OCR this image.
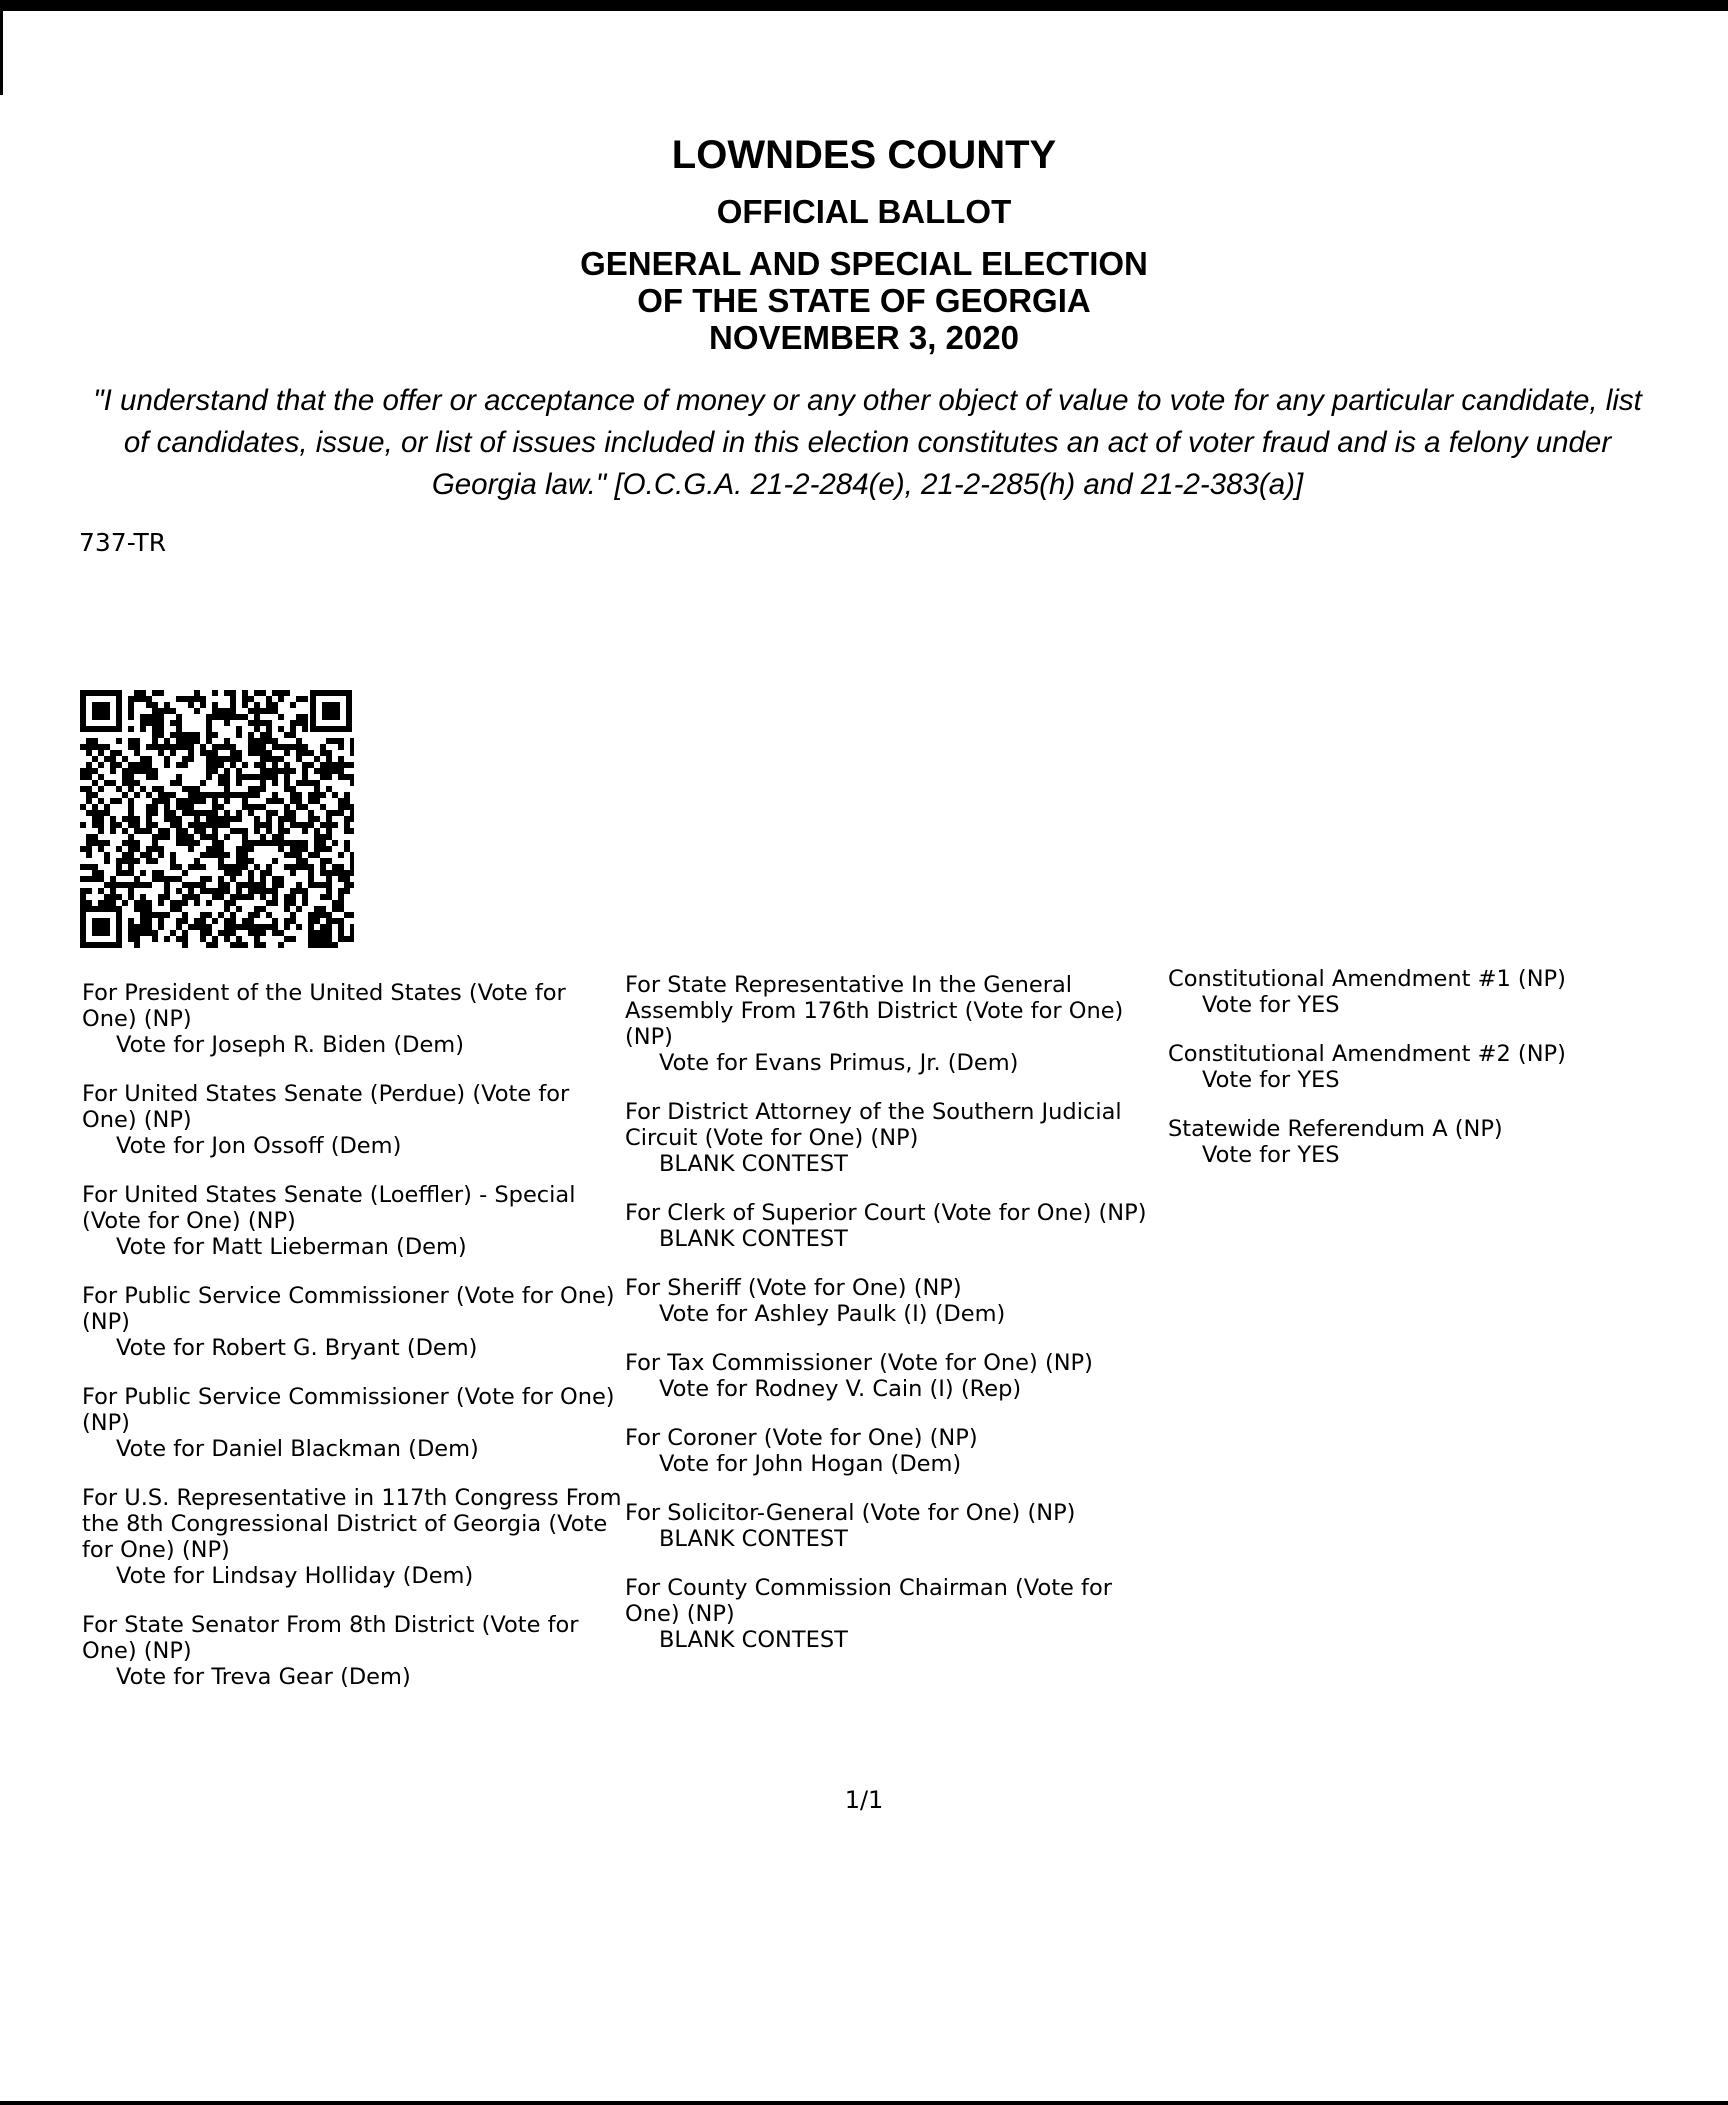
LOWNDES COUNTY
OFFICIAL BALLOT
GENERAL AND SPECIAL ELECTION
OF THE STATE OF GEORGIA
NOVEMBER 3, 2020

"I understand that the offer or acceptance of money or any other object of value to vote for any particular candidate, list of candidates, issue, or list of issues included in this election constitutes an act of voter fraud and is a felony under Georgia law." [O.C.G.A. 21-2-284(e), 21-2-285(h) and 21-2-383(a)]

737-TR

For President of the United States (Vote for One) (NP)
Vote for Joseph R. Biden (Dem)
For United States Senate (Perdue) (Vote for One) (NP)
Vote for Jon Ossoff (Dem)
For United States Senate (Loeffler) - Special (Vote for One) (NP)
Vote for Matt Lieberman (Dem)
For Public Service Commissioner (Vote for One) (NP)
Vote for Robert G. Bryant (Dem)
For Public Service Commissioner (Vote for One) (NP)
Vote for Daniel Blackman (Dem)
For U.S. Representative in 117th Congress From the 8th Congressional District of Georgia (Vote for One) (NP)
Vote for Lindsay Holliday (Dem)
For State Senator From 8th District (Vote for One) (NP)
Vote for Treva Gear (Dem)
For State Representative In the General Assembly From 176th District (Vote for One) (NP)
Vote for Evans Primus, Jr. (Dem)
For District Attorney of the Southern Judicial Circuit (Vote for One) (NP)
BLANK CONTEST
For Clerk of Superior Court (Vote for One) (NP)
BLANK CONTEST
For Sheriff (Vote for One) (NP)
Vote for Ashley Paulk (I) (Dem)
For Tax Commissioner (Vote for One) (NP)
Vote for Rodney V. Cain (I) (Rep)
For Coroner (Vote for One) (NP)
Vote for John Hogan (Dem)
For Solicitor-General (Vote for One) (NP)
BLANK CONTEST
For County Commission Chairman (Vote for One) (NP)
BLANK CONTEST
Constitutional Amendment #1 (NP)
Vote for YES
Constitutional Amendment #2 (NP)
Vote for YES
Statewide Referendum A (NP)
Vote for YES

1/1
